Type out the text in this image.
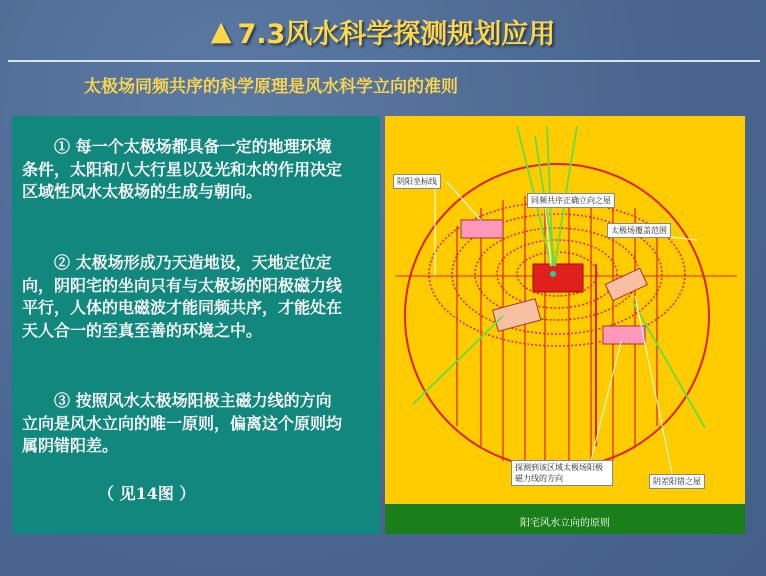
▲ 7.3风水科学探测规划应用
太极场同频共序的科学原理是风水科学立向的准则
① 每一个太极场都具备一定的地理环境条件，太阳和八大行星以及光和水的作用决定区域性风水太极场的生成与朝向。
② 太极场形成乃天造地设，天地定位定向，阴阳宅的坐向只有与太极场的阳极磁力线平行，人体的电磁波才能同频共序，才能处在天人合一的至真至善的环境之中。
③ 按照风水太极场阳极主磁力线的方向立向是风水立向的唯一原则，偏离这个原则均属阴错阳差。
（ 见14图 ）
阴阳坐标线
同频共序正确立向之屋
太极场覆盖范围
探测到该区域太极场阳极磁力线的方向	阴差阳错之屋
阳宅风水立向的原则
